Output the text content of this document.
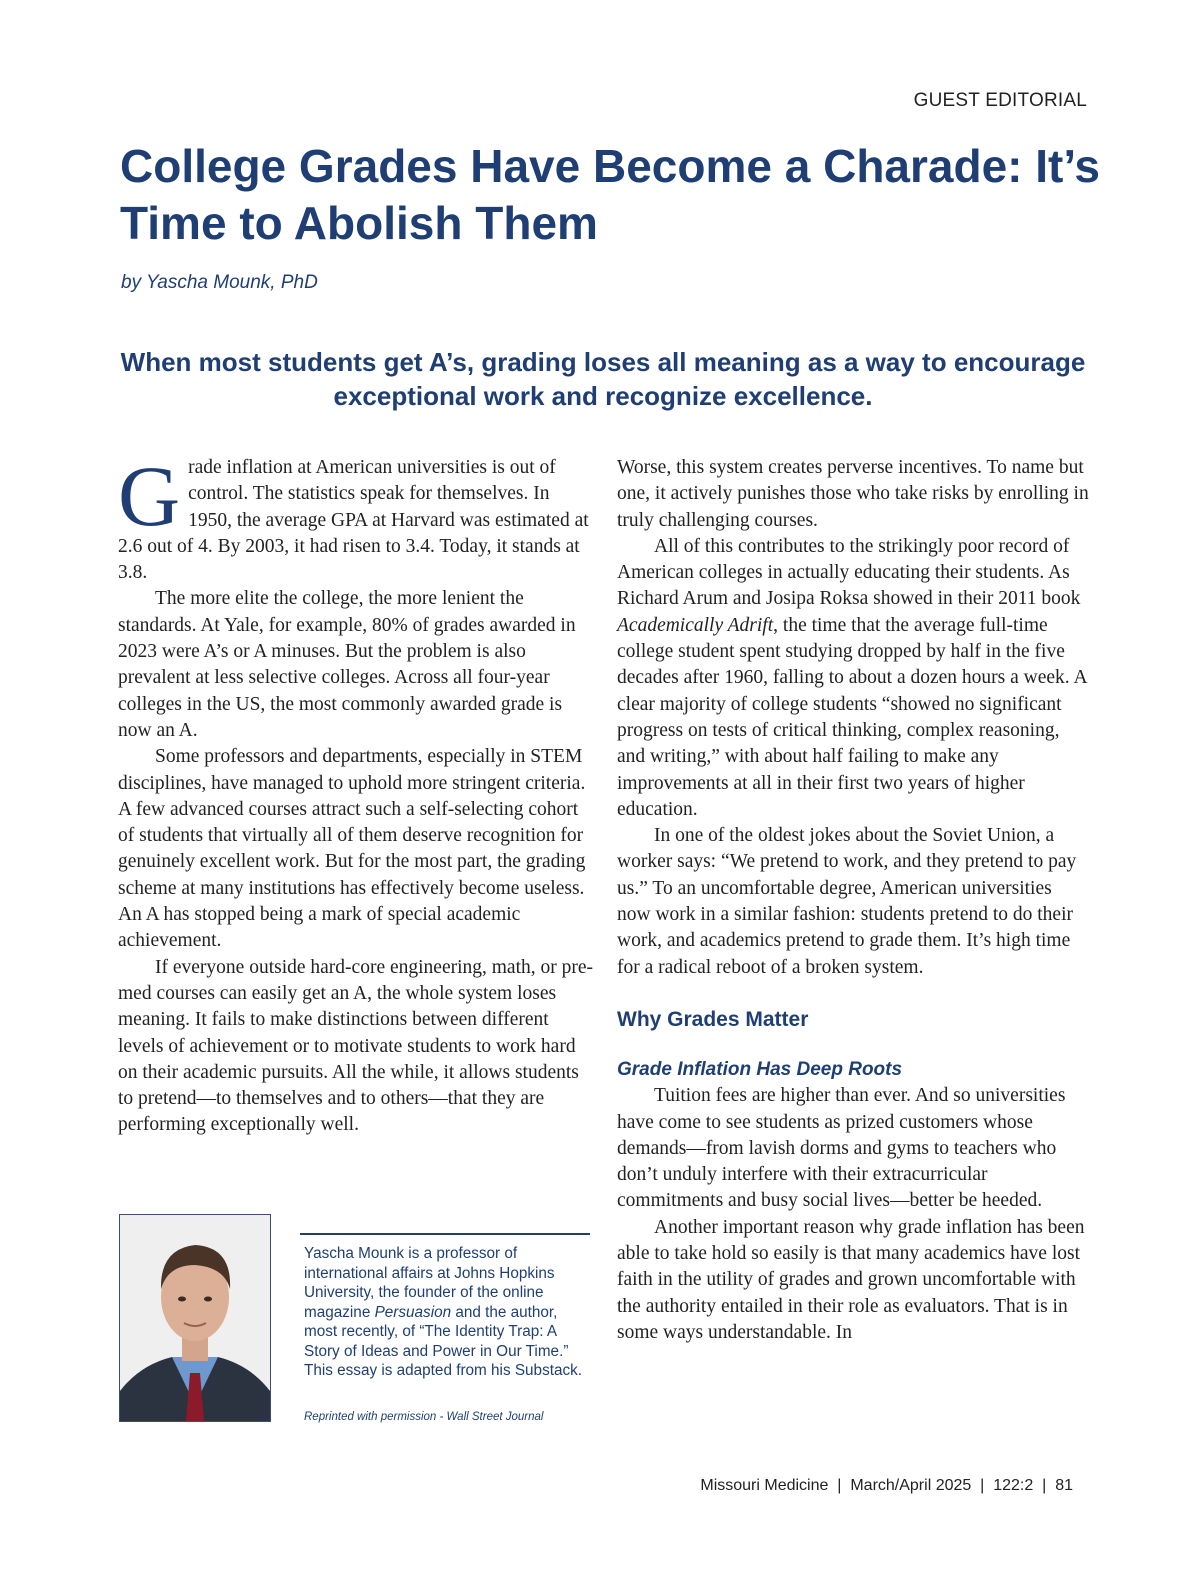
GUEST EDITORIAL
College Grades Have Become a Charade: It’s Time to Abolish Them
by Yascha Mounk, PhD

When most students get A’s, grading loses all meaning as a way to encourage exceptional work and recognize excellence.

Grade inflation at American universities is out of control. The statistics speak for themselves. In 1950, the average GPA at Harvard was estimated at 2.6 out of 4. By 2003, it had risen to 3.4. Today, it stands at 3.8.

The more elite the college, the more lenient the standards. At Yale, for example, 80% of grades awarded in 2023 were A’s or A minuses. But the problem is also prevalent at less selective colleges. Across all four-year colleges in the US, the most commonly awarded grade is now an A.

Some professors and departments, especially in STEM disciplines, have managed to uphold more stringent criteria. A few advanced courses attract such a self-selecting cohort of students that virtually all of them deserve recognition for genuinely excellent work. But for the most part, the grading scheme at many institutions has effectively become useless. An A has stopped being a mark of special academic achievement.

If everyone outside hard-core engineering, math, or pre-med courses can easily get an A, the whole system loses meaning. It fails to make distinctions between different levels of achievement or to motivate students to work hard on their academic pursuits. All the while, it allows students to pretend—to themselves and to others—that they are performing exceptionally well.

Worse, this system creates perverse incentives. To name but one, it actively punishes those who take risks by enrolling in truly challenging courses.

All of this contributes to the strikingly poor record of American colleges in actually educating their students. As Richard Arum and Josipa Roksa showed in their 2011 book Academically Adrift, the time that the average full-time college student spent studying dropped by half in the five decades after 1960, falling to about a dozen hours a week. A clear majority of college students “showed no significant progress on tests of critical thinking, complex reasoning, and writing,” with about half failing to make any improvements at all in their first two years of higher education.

In one of the oldest jokes about the Soviet Union, a worker says: “We pretend to work, and they pretend to pay us.” To an uncomfortable degree, American universities now work in a similar fashion: students pretend to do their work, and academics pretend to grade them. It’s high time for a radical reboot of a broken system.

Why Grades Matter

Grade Inflation Has Deep Roots

Tuition fees are higher than ever. And so universities have come to see students as prized customers whose demands—from lavish dorms and gyms to teachers who don’t unduly interfere with their extracurricular commitments and busy social lives—better be heeded.

Another important reason why grade inflation has been able to take hold so easily is that many academics have lost faith in the utility of grades and grown uncomfortable with the authority entailed in their role as evaluators. That is in some ways understandable. In

Yascha Mounk is a professor of international affairs at Johns Hopkins University, the founder of the online magazine Persuasion and the author, most recently, of “The Identity Trap: A Story of Ideas and Power in Our Time.” This essay is adapted from his Substack.

Reprinted with permission - Wall Street Journal

Missouri Medicine  |  March/April 2025  |  122:2  |  81
